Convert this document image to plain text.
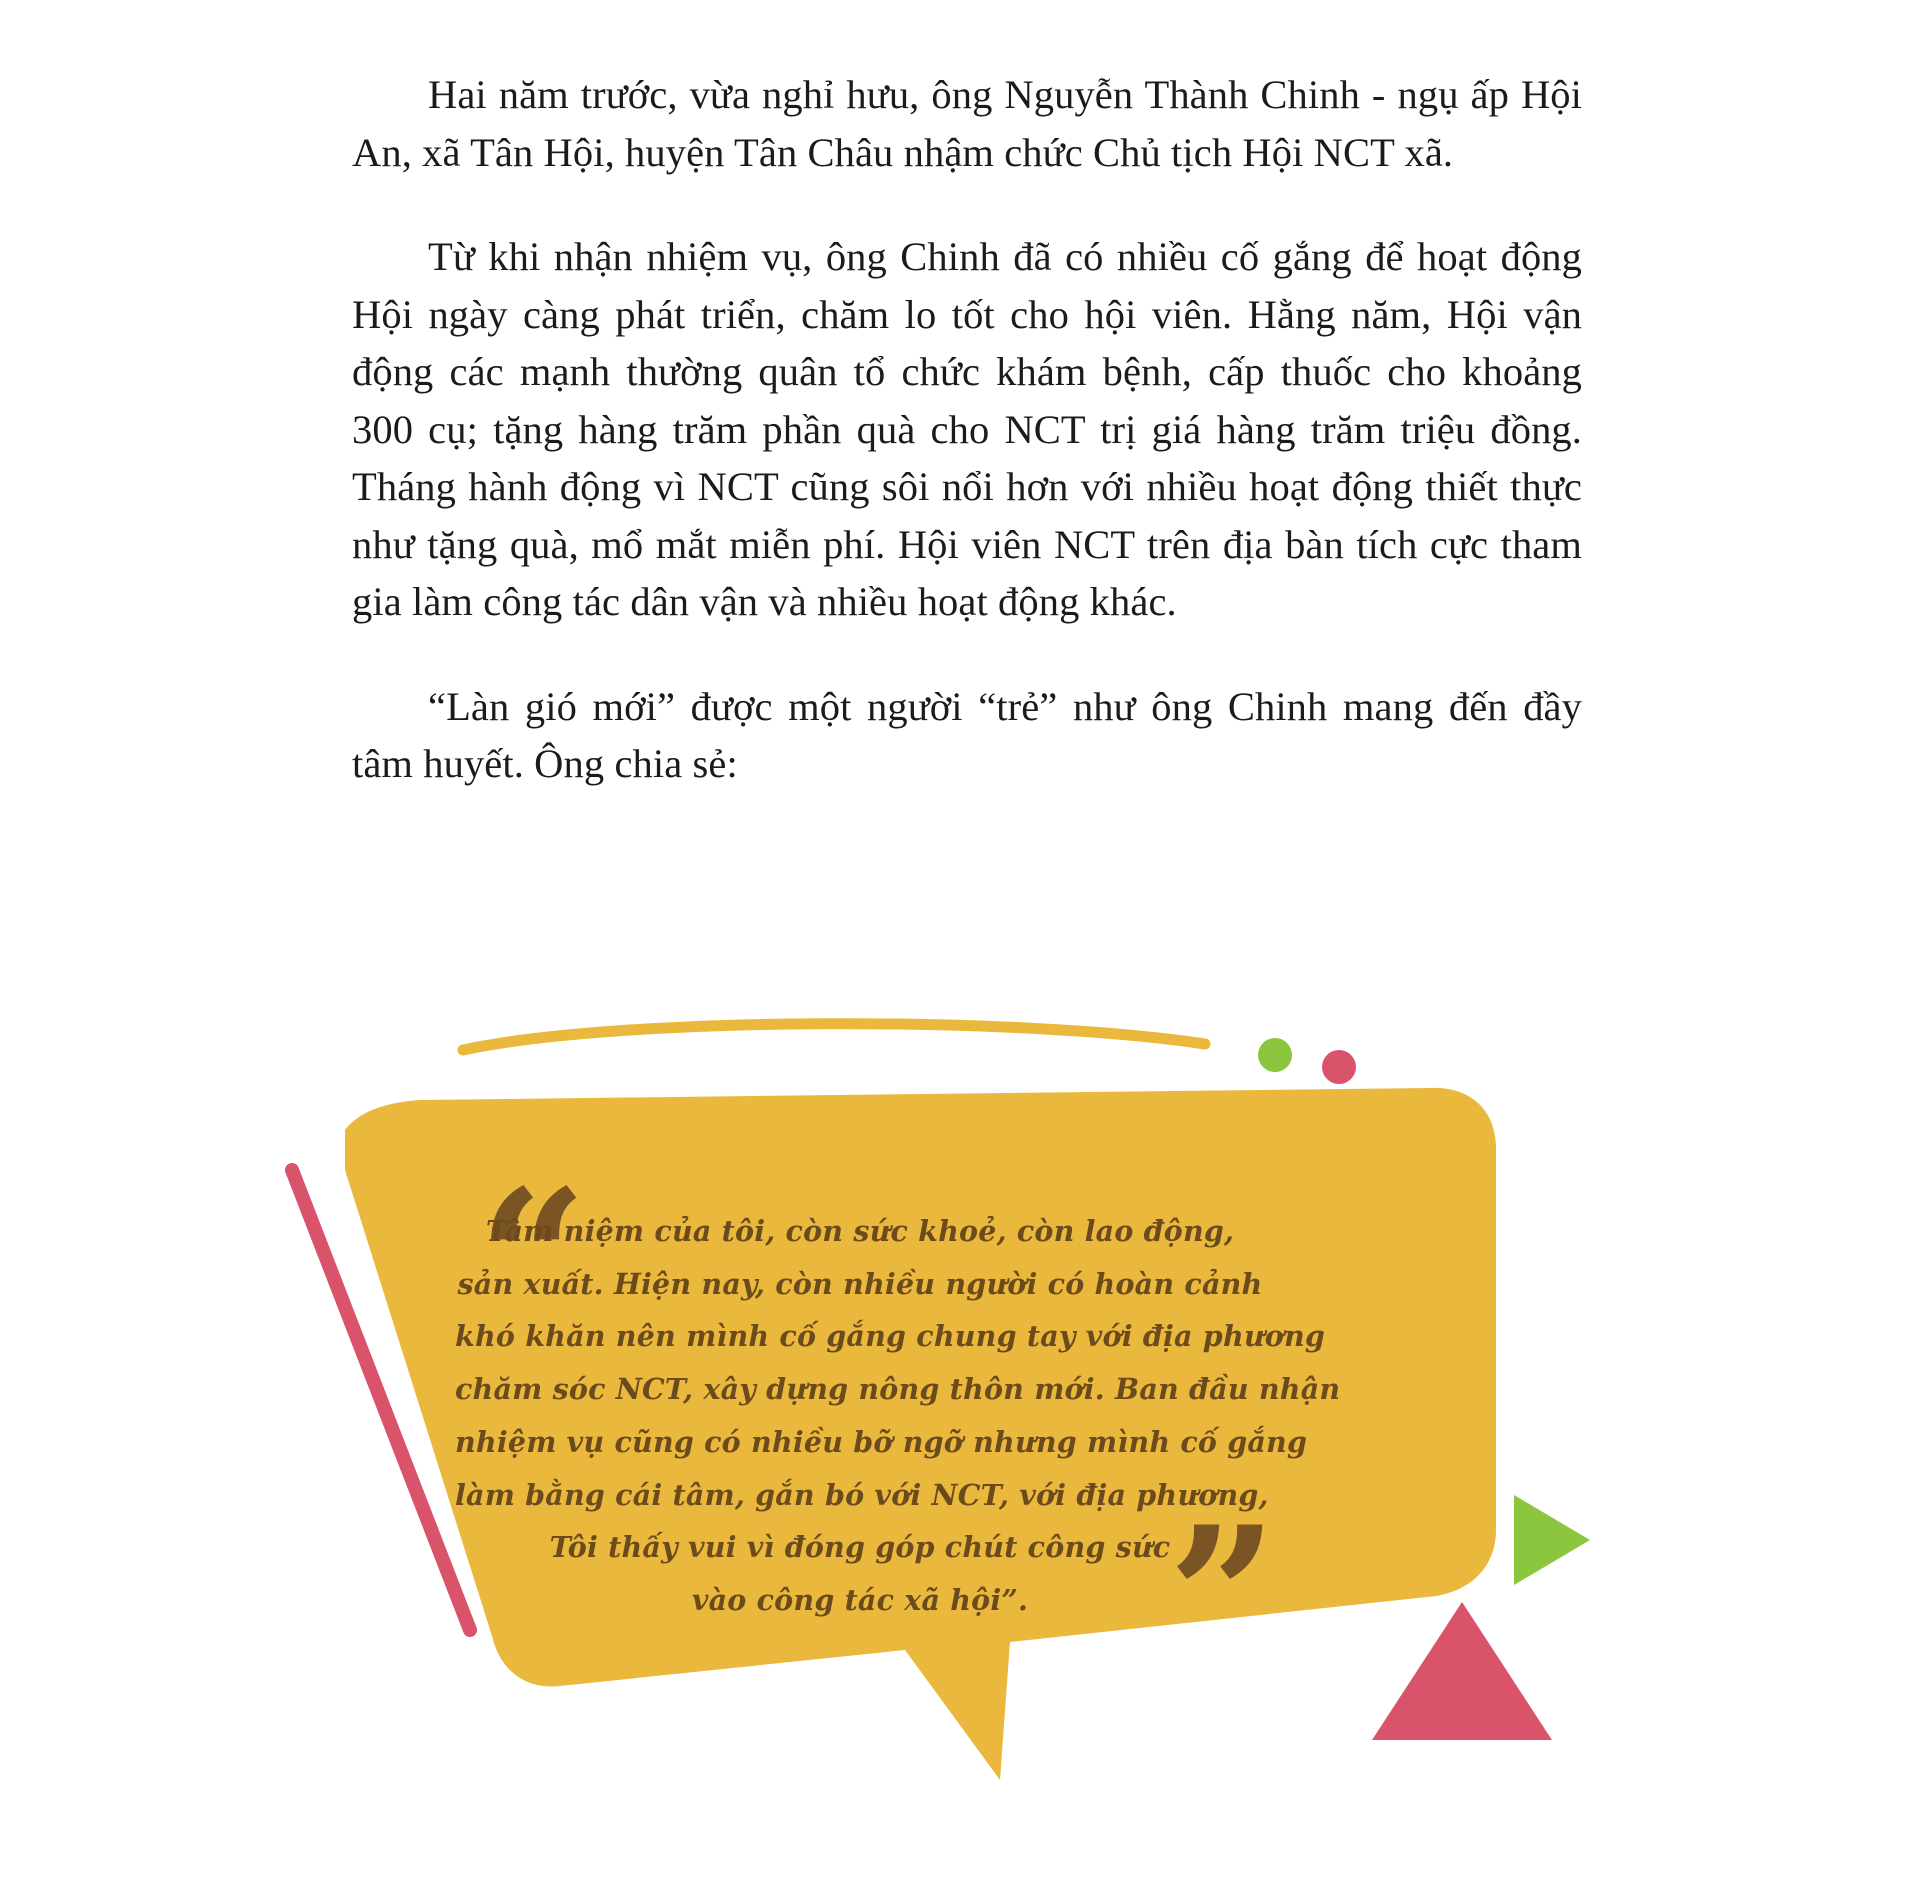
Hai năm trước, vừa nghỉ hưu, ông Nguyễn Thành Chinh - ngụ ấp Hội An, xã Tân Hội, huyện Tân Châu nhậm chức Chủ tịch Hội NCT xã.

Từ khi nhận nhiệm vụ, ông Chinh đã có nhiều cố gắng để hoạt động Hội ngày càng phát triển, chăm lo tốt cho hội viên. Hằng năm, Hội vận động các mạnh thường quân tổ chức khám bệnh, cấp thuốc cho khoảng 300 cụ; tặng hàng trăm phần quà cho NCT trị giá hàng trăm triệu đồng. Tháng hành động vì NCT cũng sôi nổi hơn với nhiều hoạt động thiết thực như tặng quà, mổ mắt miễn phí. Hội viên NCT trên địa bàn tích cực tham gia làm công tác dân vận và nhiều hoạt động khác.

“Làn gió mới” được một người “trẻ” như ông Chinh mang đến đầy tâm huyết. Ông chia sẻ:

“
Tâm niệm của tôi, còn sức khoẻ, còn lao động,
sản xuất. Hiện nay, còn nhiều người có hoàn cảnh
khó khăn nên mình cố gắng chung tay với địa phương
chăm sóc NCT, xây dựng nông thôn mới. Ban đầu nhận
nhiệm vụ cũng có nhiều bỡ ngỡ nhưng mình cố gắng
làm bằng cái tâm, gắn bó với NCT, với địa phương,
Tôi thấy vui vì đóng góp chút công sức
vào công tác xã hội”. ”
